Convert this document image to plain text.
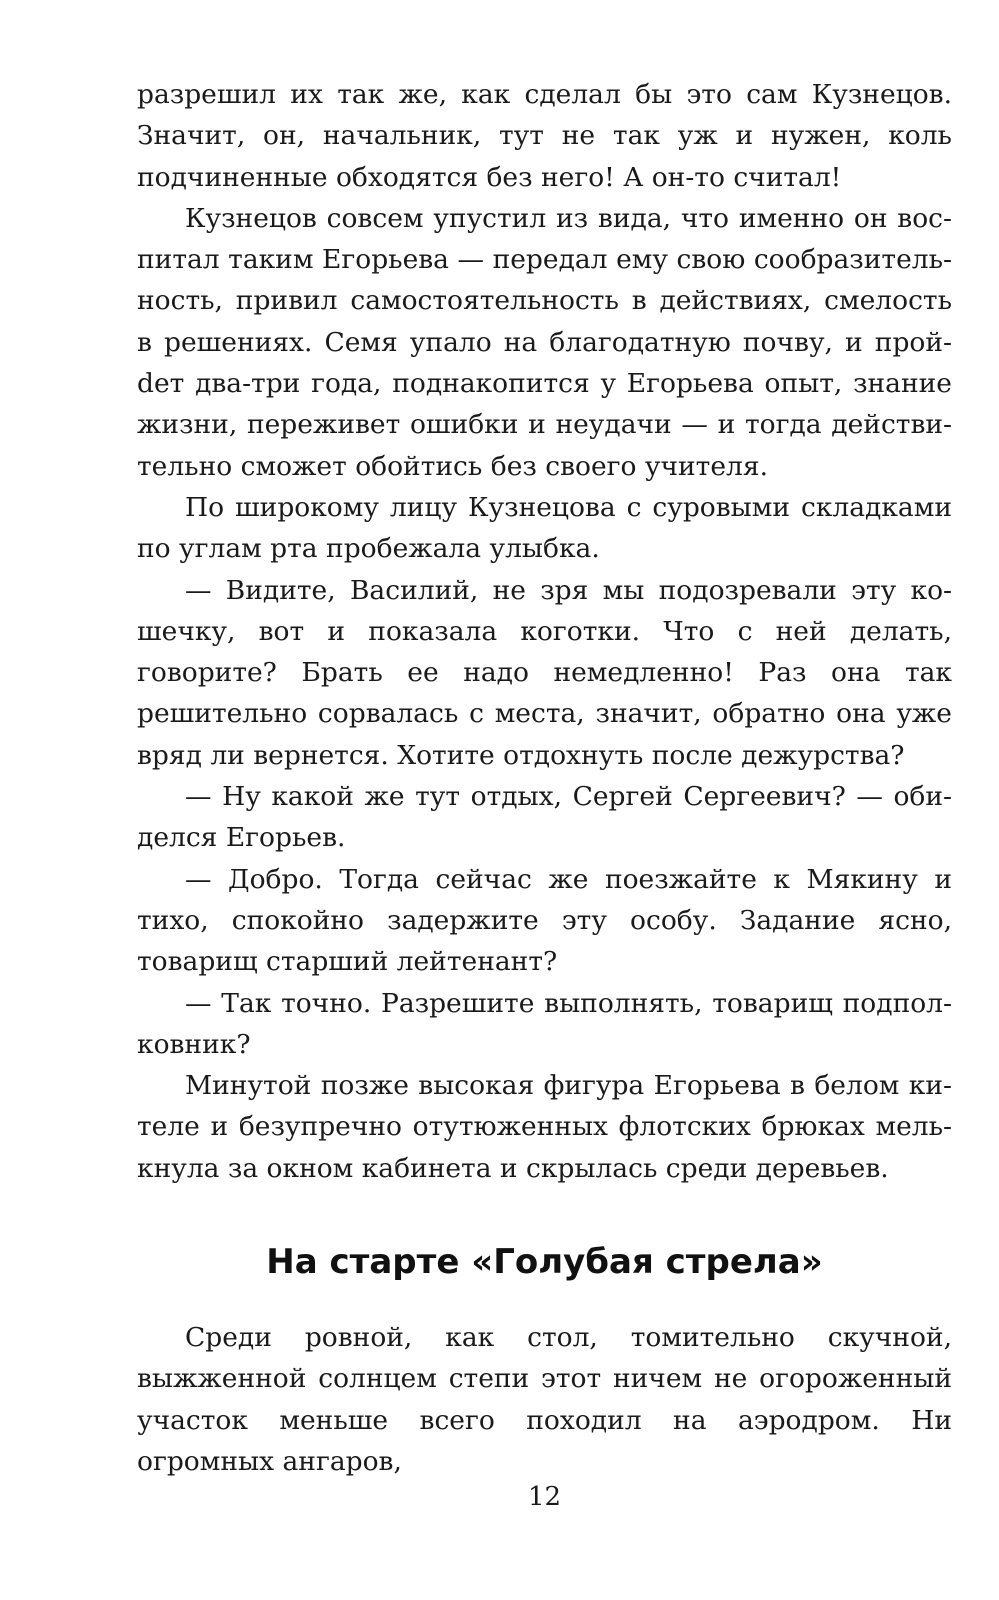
разрешил их так же, как сделал бы это сам Кузнецов. Значит, он, начальник, тут не так уж и нужен, коль подчиненные обходятся без него! А он-то считал!

Кузнецов совсем упустил из вида, что именно он воспитал таким Егорьева — передал ему свою сообразительность, привил самостоятельность в действиях, смелость в решениях. Семя упало на благодатную почву, и пройdет два-три года, поднакопится у Егорьева опыт, знание жизни, переживет ошибки и неудачи — и тогда действительно сможет обойтись без своего учителя.

По широкому лицу Кузнецова с суровыми складками по углам рта пробежала улыбка.

— Видите, Василий, не зря мы подозревали эту кошечку, вот и показала коготки. Что с ней делать, говорите? Брать ее надо немедленно! Раз она так решительно сорвалась с места, значит, обратно она уже вряд ли вернется. Хотите отдохнуть после дежурства?

— Ну какой же тут отдых, Сергей Сергеевич? — обиделся Егорьев.

— Добро. Тогда сейчас же поезжайте к Мякину и тихо, спокойно задержите эту особу. Задание ясно, товарищ старший лейтенант?

— Так точно. Разрешите выполнять, товарищ подполковник?

Минутой позже высокая фигура Егорьева в белом кителе и безупречно отутюженных флотских брюках мелькнула за окном кабинета и скрылась среди деревьев.

На старте «Голубая стрела»

Среди ровной, как стол, томительно скучной, выжженной солнцем степи этот ничем не огороженный участок меньше всего походил на аэродром. Ни огромных ангаров,

12
